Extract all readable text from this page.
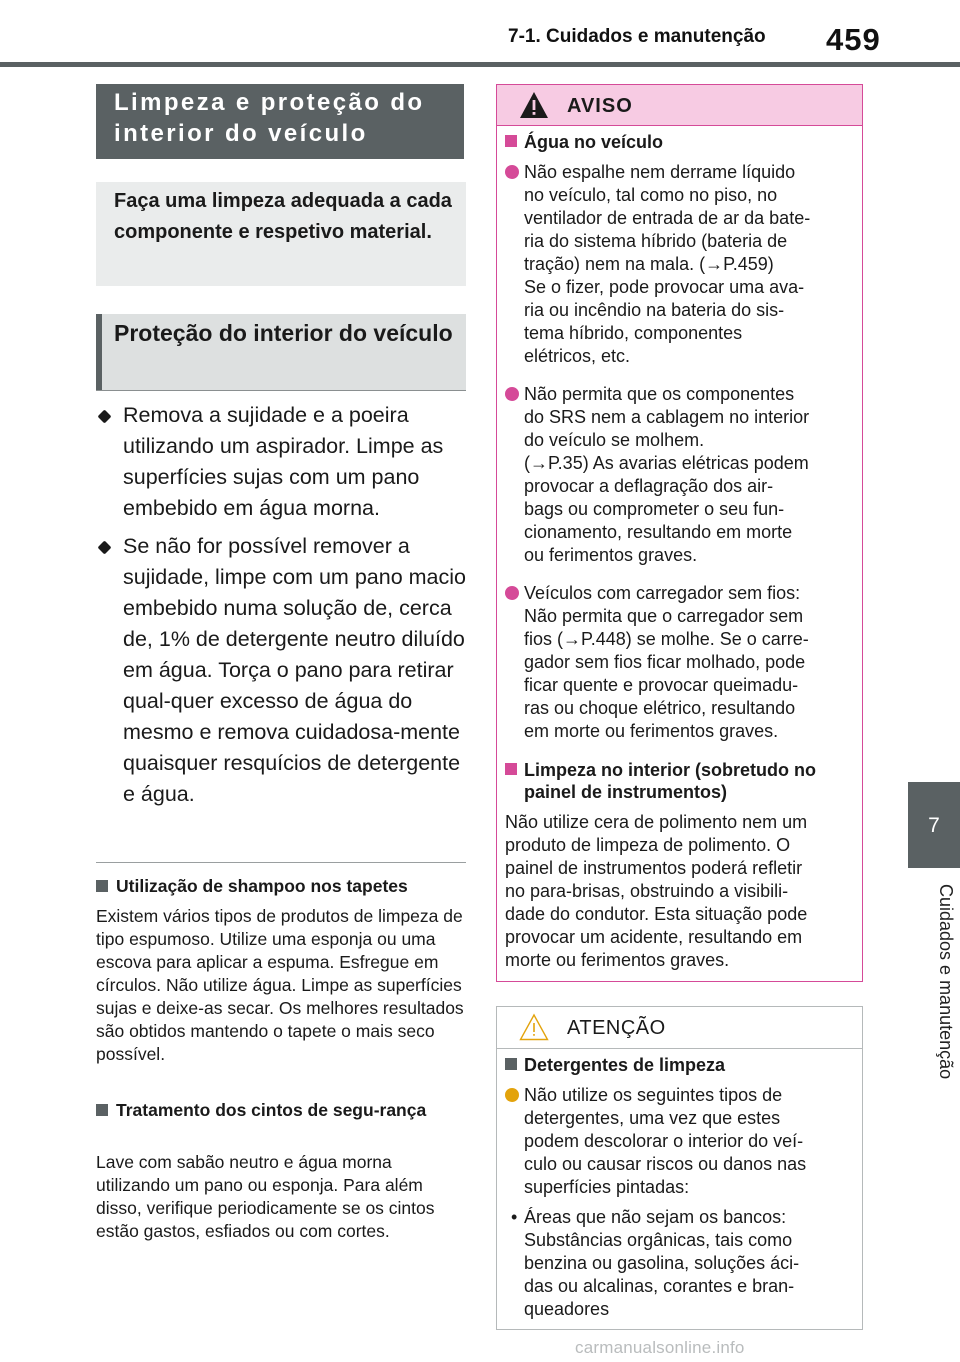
7-1. Cuidados e manutenção 459
7
Cuidados e manutenção
Limpeza e proteção do interior do veículo
Faça uma limpeza adequada a cada componente e respetivo material.
Proteção do interior do veículo
Remova a sujidade e a poeira utilizando um aspirador. Limpe as superfícies sujas com um pano embebido em água morna.
Se não for possível remover a sujidade, limpe com um pano macio embebido numa solução de, cerca de, 1% de detergente neutro diluído em água. Torça o pano para retirar qual-quer excesso de água do mesmo e remova cuidadosa-mente quaisquer resquícios de detergente e água.
Utilização de shampoo nos tapetes
Existem vários tipos de produtos de limpeza de tipo espumoso. Utilize uma esponja ou uma escova para aplicar a espuma. Esfregue em círculos. Não utilize água. Limpe as superfícies sujas e deixe-as secar. Os melhores resultados são obtidos mantendo o tapete o mais seco possível.
Tratamento dos cintos de segu-rança
Lave com sabão neutro e água morna utilizando um pano ou esponja. Para além disso, verifique periodicamente se os cintos estão gastos, esfiados ou com cortes.
AVISO
Água no veículo
Não espalhe nem derrame líquido
no veículo, tal como no piso, no
ventilador de entrada de ar da bate-
ria do sistema híbrido (bateria de
tração) nem na mala. (→P.459)
Se o fizer, pode provocar uma ava-
ria ou incêndio na bateria do sis-
tema híbrido, componentes
elétricos, etc.
Não permita que os componentes
do SRS nem a cablagem no interior
do veículo se molhem.
(→P.35) As avarias elétricas podem
provocar a deflagração dos air-
bags ou comprometer o seu fun-
cionamento, resultando em morte
ou ferimentos graves.
Veículos com carregador sem fios:
Não permita que o carregador sem
fios (→P.448) se molhe. Se o carre-
gador sem fios ficar molhado, pode
ficar quente e provocar queimadu-
ras ou choque elétrico, resultando
em morte ou ferimentos graves.
Limpeza no interior (sobretudo no painel de instrumentos)
Não utilize cera de polimento nem um
produto de limpeza de polimento. O
painel de instrumentos poderá refletir
no para-brisas, obstruindo a visibili-
dade do condutor. Esta situação pode
provocar um acidente, resultando em
morte ou ferimentos graves.
ATENÇÃO
Detergentes de limpeza
Não utilize os seguintes tipos de
detergentes, uma vez que estes
podem descolorar o interior do veí-
culo ou causar riscos ou danos nas
superfícies pintadas:
• Áreas que não sejam os bancos:
Substâncias orgânicas, tais como
benzina ou gasolina, soluções áci-
das ou alcalinas, corantes e bran-
queadores
carmanualsonline.info
